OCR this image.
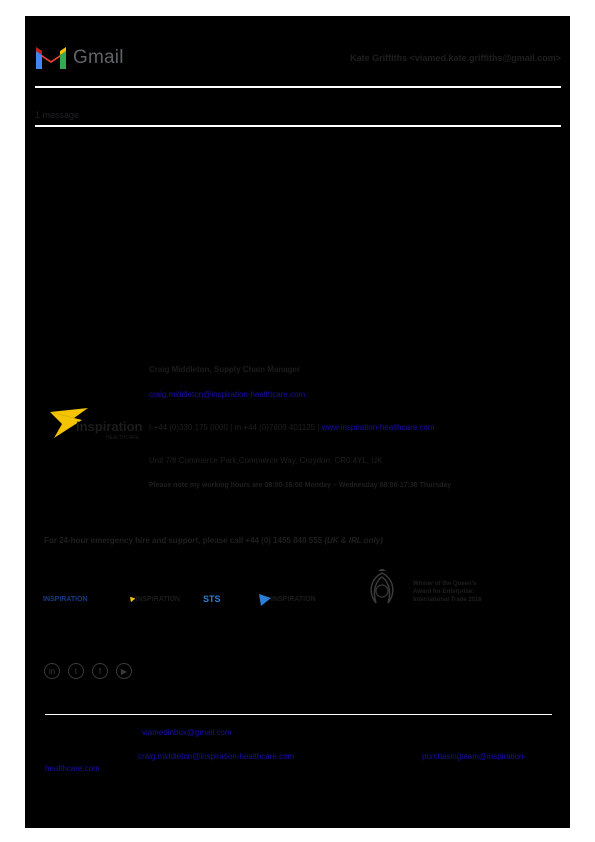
Gmail	Kate Griffiths <viamed.kate.griffiths@gmail.com>
1 message
Craig Middleton, Supply Chain Manager
craig.middleton@inspiration-healthcare.com
inspiration
HEALTHCARE
t +44 (0)330 175 0000 | m +44 (0)7809 401125 | www.inspiration-healthcare.com
Unit 7/8 Commerce Park,Commerce Way, Croydon, CR0 4YL, UK
Please note my working hours are 08:00-16:00 Monday – Wednesday 08:00-17:30 Thursday
For 24-hour emergency hire and support, please call +44 (0) 1455 840 555 (UK & IRL only)
INSPIRATION	INSPIRATION	STS	INSPIRATION
Winner of the Queen's
Award for Enterprise:
International Trade 2016
in t	f ▶
viamedinbox@gmail.com
craig.middleton@inspiration-healthcare.com	purchasingteam@inspiration-
healthcare.com
